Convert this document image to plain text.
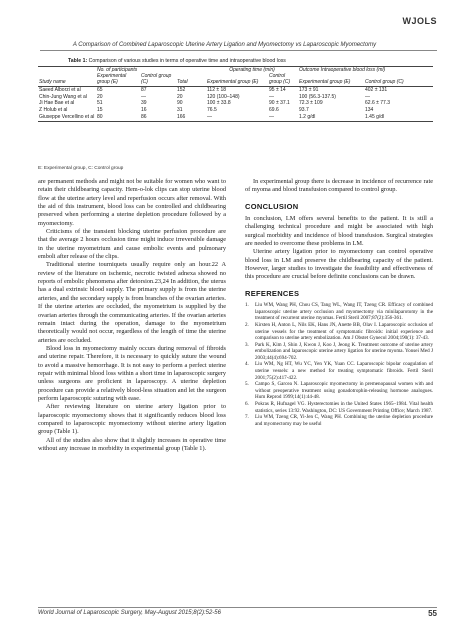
WJOLS
A Comparison of Combined Laparoscopic Uterine Artery Ligation and Myomectomy vs Laparoscopic Myomectomy
Table 1: Comparison of various studies in terms of operative time and intraoperative blood loss
	No. of participants			Operating time (min)		Outcome Intraoperative blood loss (ml)	
Study name	Experimental group (E)	Control group (C)	Total	Experimental group (E)	Control group (C)	Experimental group (E)	Control group (C)
Saeed Alborzi et al	65	87	152	112 ± 18	95 ± 14	173 ± 91	402 ± 131
Chin-Jung Wang et al	20	—	20	120 (100–148)	—	100 (56.3-137.5)	—
Ji Hae Bae et al	51	39	90	100 ± 33.8	90 ± 37.1	72.3 ± 109	62.6 ± 77.3
Z Holub et al	15	16	31	76.5	69.6	93.7	134
Giuseppe Vercellino et al	80	86	166	—	—	1.2 g/dl	1.45 g/dl
E: Experimental group, C: Control group

are permanent methods and might not be suitable for women who want to retain their childbearing capacity. Hem-o-lok clips can stop uterine blood flow at the uterine artery level and reperfusion occurs after removal. With the aid of this instrument, blood loss can be controlled and childbearing preserved when performing a uterine depletion procedure followed by a myomectomy.

Criticisms of the transient blocking uterine perfusion procedure are that the average 2 hours occlusion time might induce irreversible damage in the uterine myometrium and cause embolic events and pulmonary emboli after release of the clips.

Traditional uterine tourniquets usually require only an hour.22 A review of the literature on ischemic, necrotic twisted adnexa showed no reports of embolic phenomena after detorsion.23,24 In addition, the uterus has a dual extrinsic blood supply. The primary supply is from the uterine arteries, and the secondary supply is from branches of the ovarian arteries. If the uterine arteries are occluded, the myometrium is supplied by the ovarian arteries through the communicating arteries. If the ovarian arteries remain intact during the operation, damage to the myometrium theoretically would not occur, regardless of the length of time the uterine arteries are occluded.

Blood loss in myomectomy mainly occurs during removal of fibroids and uterine repair. Therefore, it is necessary to quickly suture the wound to avoid a massive hemorrhage. It is not easy to perform a perfect uterine repair with minimal blood loss within a short time in laparoscopic surgery unless surgeons are proficient in laparoscopy. A uterine depletion procedure can provide a relatively blood-less situation and let the surgeon perform laparoscopic suturing with ease.

After reviewing literature on uterine artery ligation prior to laparoscopic myomectomy shows that it significantly reduces blood loss compared to laparoscopic myomectomy without uterine artery ligation group (Table 1).

All of the studies also show that it slightly increases in operative time without any increase in morbidity in experimental group (Table 1).

In experimental group there is decrease in incidence of recurrence rate of myoma and blood transfusion compared to control group.

CONCLUSION

In conclusion, LM offers several benefits to the patient. It is still a challenging technical procedure and might be associated with high surgical morbidity and incidence of blood transfusion. Surgical strategies are needed to overcome these problems in LM.

Uterine artery ligation prior to myomectomy can control operative blood loss in LM and preserve the childbearing capacity of the patient. However, larger studies to investigate the feasibility and effectiveness of this procedure are crucial before definite conclusions can be drawn.

REFERENCES
1. Liu WM, Wang PH, Chou CS, Tang WL, Wang IT, Tzeng CR. Efficacy of combined laparoscopic uterine artery occlusion and myomectomy via minilaparotomy in the treatment of recurrent uterine myomas. Fertil Steril 2007;87(2):356-361.
2. Kirsten H, Anton L, Nils EK, Hans JN, Anette BB, Olav I. Laparoscopic occlusion of uterine vessels for the treatment of symptomatic fibroids: initial experience and comparison to uterine artery embolization. Am J Obstet Gynecol 2004;190(1): 37-43.
3. Park K, Kim J, Shin J, Kwon J, Koo J, Jeong K. Treatment outcome of uterine artery embolization and laparoscopic uterine artery ligation for uterine myoma. Yonsei Med J 2003;44(4):694-702.
4. Liu WM, Ng HT, Wu YC, Yen YK, Yuan CC. Laparoscopic bipolar coagulation of uterine vessels: a new method for treating symptomatic fibroids. Fertil Steril 2001;75(2):417-422.
5. Campo S, Garcea N. Laparoscopic myomectomy in premenopausal women with and without preoperative treatment using gonadotrophin-releasing hormone analogues. Hum Reprod 1999;14(1):44-48.
6. Pokras R, Hufnagel VG. Hysterectomies in the United States 1965–1984. Vital health statistics, series 13:92. Washington, DC: US Government Printing Office; March 1987.
7. Liu WM, Tzeng CR, Yi-Jen C, Wang PH. Combining the uterine depletion procedure and myomectomy may be useful
World Journal of Laparoscopic Surgery, May-August 2015;8(2):52-56	55
